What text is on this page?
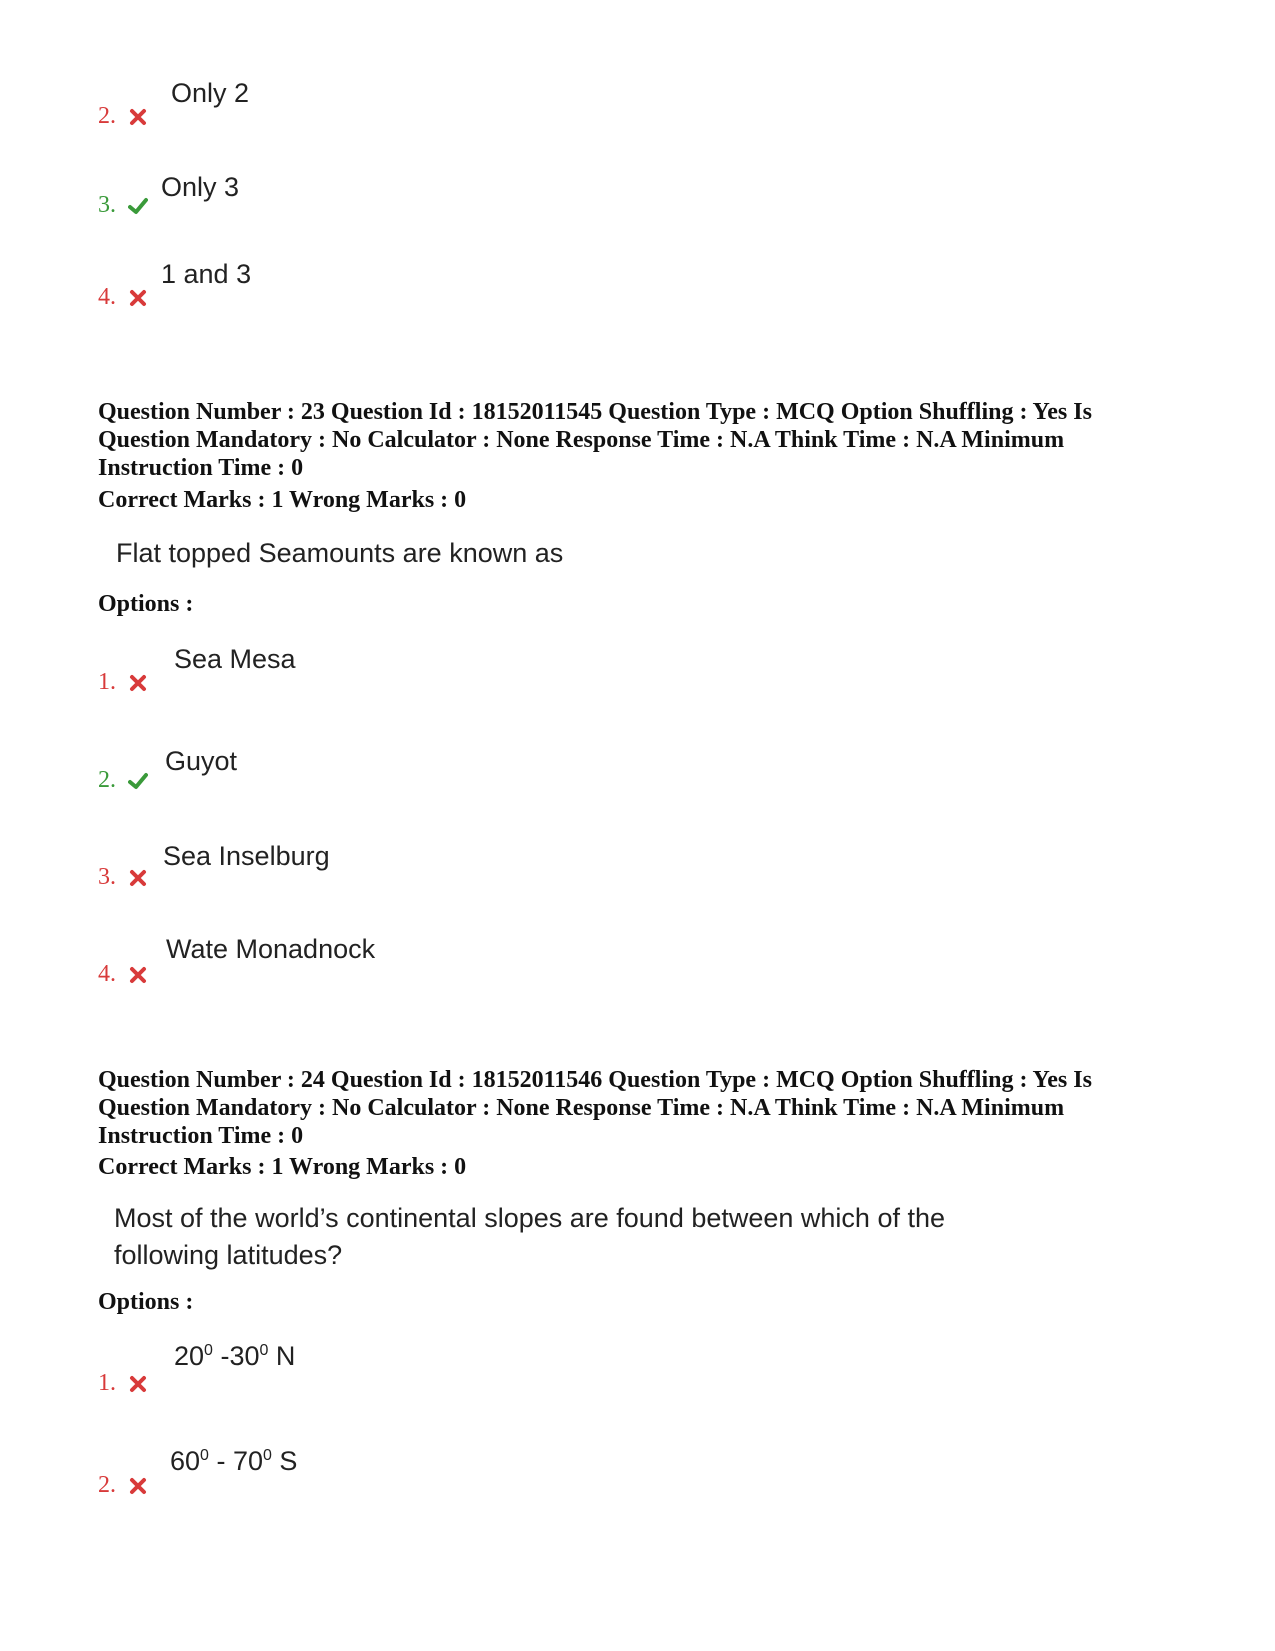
Only 2
2.
Only 3
3.
1 and 3
4.
Question Number : 23 Question Id : 18152011545 Question Type : MCQ Option Shuffling : Yes Is
Question Mandatory : No Calculator : None Response Time : N.A Think Time : N.A Minimum
Instruction Time : 0
Correct Marks : 1 Wrong Marks : 0
Flat topped Seamounts are known as
Options :
Sea Mesa
1.
Guyot
2.
Sea Inselburg
3.
Wate Monadnock
4.
Question Number : 24 Question Id : 18152011546 Question Type : MCQ Option Shuffling : Yes Is
Question Mandatory : No Calculator : None Response Time : N.A Think Time : N.A Minimum
Instruction Time : 0
Correct Marks : 1 Wrong Marks : 0
Most of the world’s continental slopes are found between which of the
following latitudes?
Options :
$20^0$ $-30^0$ N
1.
$60^0 - 70^0$ S
2.
